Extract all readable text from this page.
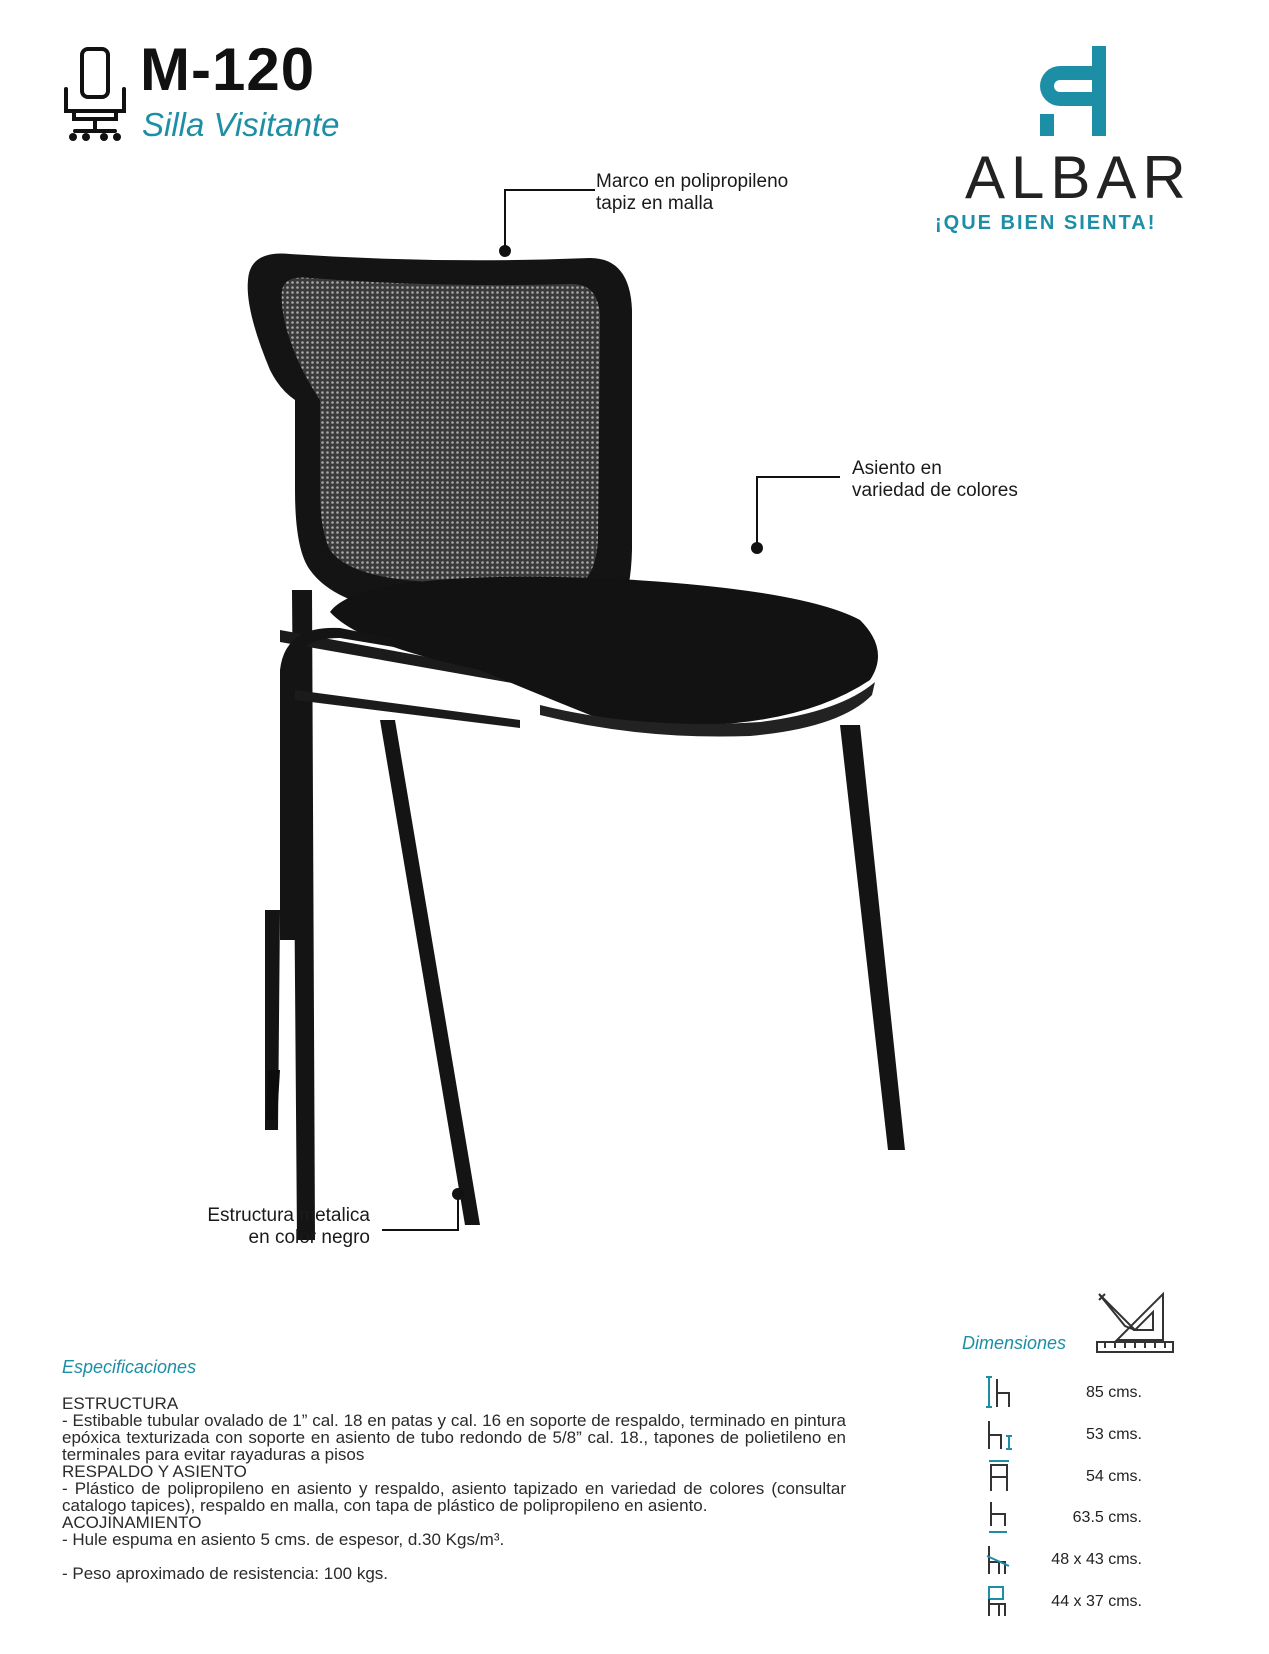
M-120
Silla Visitante
ALBAR
¡QUE BIEN SIENTA!
Marco en polipropileno
tapiz en malla
Asiento en
variedad de colores
Estructura metalica
en color negro
Especificaciones

ESTRUCTURA

- Estibable tubular ovalado de 1” cal. 18 en patas y cal. 16 en soporte de respaldo, terminado en pintura epóxica texturizada con soporte en asiento de tubo redondo de 5/8” cal. 18., tapones de polietileno en terminales para evitar rayaduras a pisos

RESPALDO Y ASIENTO

- Plástico de polipropileno en asiento y respaldo, asiento tapizado en variedad de colores (consultar catalogo tapices), respaldo en malla, con tapa de plástico de polipropileno en asiento.

ACOJINAMIENTO

- Hule espuma en asiento 5 cms. de espesor, d.30 Kgs/m³.

- Peso aproximado de resistencia: 100 kgs.

Dimensiones
85 cms.
53 cms.
54 cms.
63.5 cms.
48 x 43 cms.
44 x 37 cms.
